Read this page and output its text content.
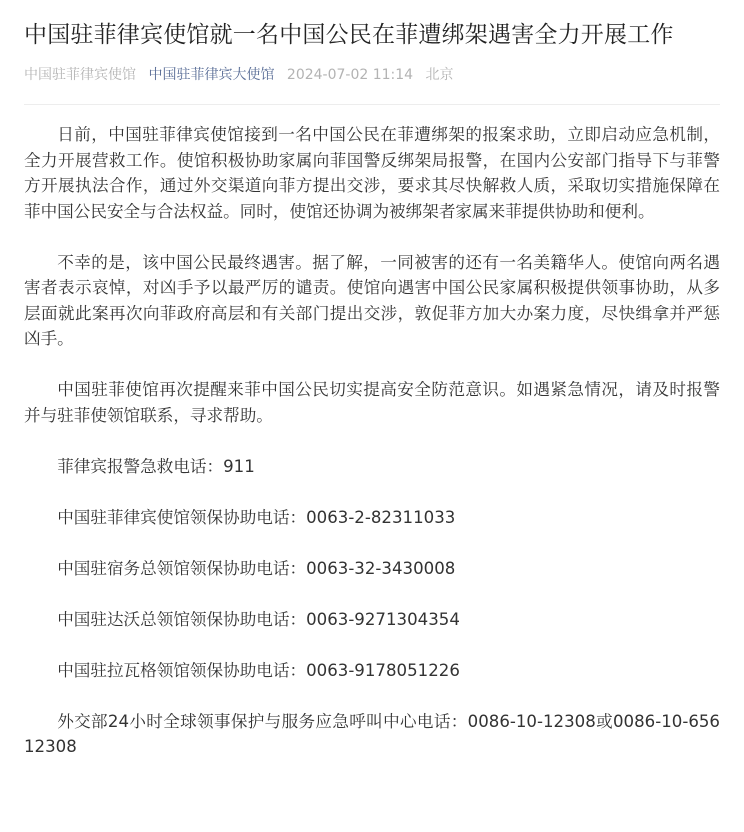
中国驻菲律宾使馆就一名中国公民在菲遭绑架遇害全力开展工作
中国驻菲律宾使馆 中国驻菲律宾大使馆 2024-07-02 11:14 北京

日前，中国驻菲律宾使馆接到一名中国公民在菲遭绑架的报案求助，立即启动应急机制，全力开展营救工作。使馆积极协助家属向菲国警反绑架局报警，在国内公安部门指导下与菲警方开展执法合作，通过外交渠道向菲方提出交涉，要求其尽快解救人质，采取切实措施保障在菲中国公民安全与合法权益。同时，使馆还协调为被绑架者家属来菲提供协助和便利。

不幸的是，该中国公民最终遇害。据了解，一同被害的还有一名美籍华人。使馆向两名遇害者表示哀悼，对凶手予以最严厉的谴责。使馆向遇害中国公民家属积极提供领事协助，从多层面就此案再次向菲政府高层和有关部门提出交涉，敦促菲方加大办案力度，尽快缉拿并严惩凶手。

中国驻菲使馆再次提醒来菲中国公民切实提高安全防范意识。如遇紧急情况，请及时报警并与驻菲使领馆联系，寻求帮助。

菲律宾报警急救电话：911

中国驻菲律宾使馆领保协助电话：0063-2-82311033

中国驻宿务总领馆领保协助电话：0063-32-3430008

中国驻达沃总领馆领保协助电话：0063-9271304354

中国驻拉瓦格领馆领保协助电话：0063-9178051226

外交部24小时全球领事保护与服务应急呼叫中心电话：0086-10-12308或0086-10-65612308
